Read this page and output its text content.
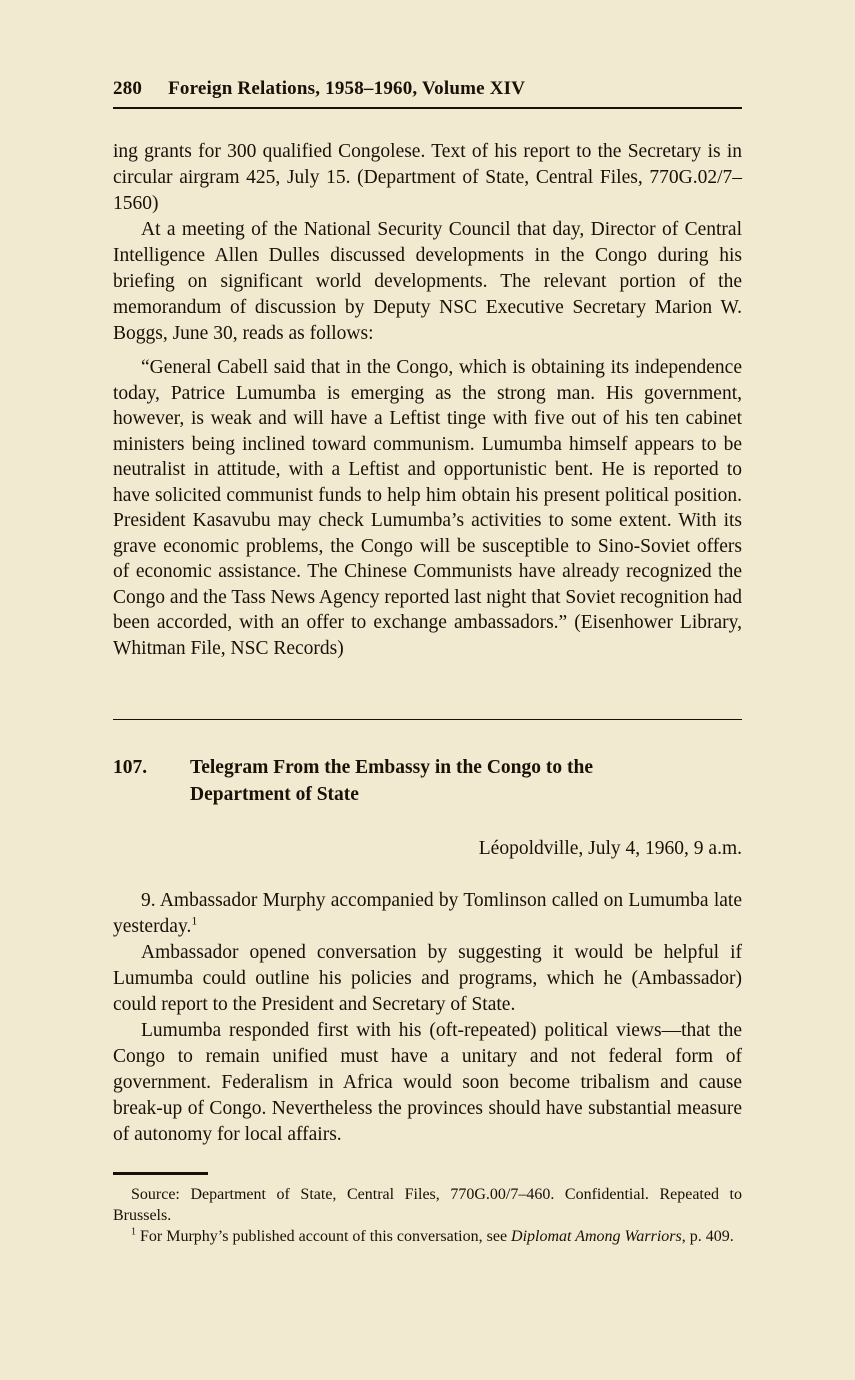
280 Foreign Relations, 1958–1960, Volume XIV

ing grants for 300 qualified Congolese. Text of his report to the Secretary is in circular airgram 425, July 15. (Department of State, Central Files, 770G.02/7–1560)

At a meeting of the National Security Council that day, Director of Central Intelligence Allen Dulles discussed developments in the Congo during his briefing on significant world developments. The relevant portion of the memorandum of discussion by Deputy NSC Executive Secretary Marion W. Boggs, June 30, reads as follows:

“General Cabell said that in the Congo, which is obtaining its independence today, Patrice Lumumba is emerging as the strong man. His government, however, is weak and will have a Leftist tinge with five out of his ten cabinet ministers being inclined toward communism. Lumumba himself appears to be neutralist in attitude, with a Leftist and opportunistic bent. He is reported to have solicited communist funds to help him obtain his present political position. President Kasavubu may check Lumumba’s activities to some extent. With its grave economic problems, the Congo will be susceptible to Sino-Soviet offers of economic assistance. The Chinese Communists have already recognized the Congo and the Tass News Agency reported last night that Soviet recognition had been accorded, with an offer to exchange ambassadors.” (Eisenhower Library, Whitman File, NSC Records)

107.	Telegram From the Embassy in the Congo to the Department of State

Léopoldville, July 4, 1960, 9 a.m.

9. Ambassador Murphy accompanied by Tomlinson called on Lumumba late yesterday.$^1$

Ambassador opened conversation by suggesting it would be helpful if Lumumba could outline his policies and programs, which he (Ambassador) could report to the President and Secretary of State.

Lumumba responded first with his (oft-repeated) political views—that the Congo to remain unified must have a unitary and not federal form of government. Federalism in Africa would soon become tribalism and cause break-up of Congo. Nevertheless the provinces should have substantial measure of autonomy for local affairs.

Source: Department of State, Central Files, 770G.00/7–460. Confidential. Repeated to Brussels.

$^1$ For Murphy’s published account of this conversation, see Diplomat Among Warriors, p. 409.
